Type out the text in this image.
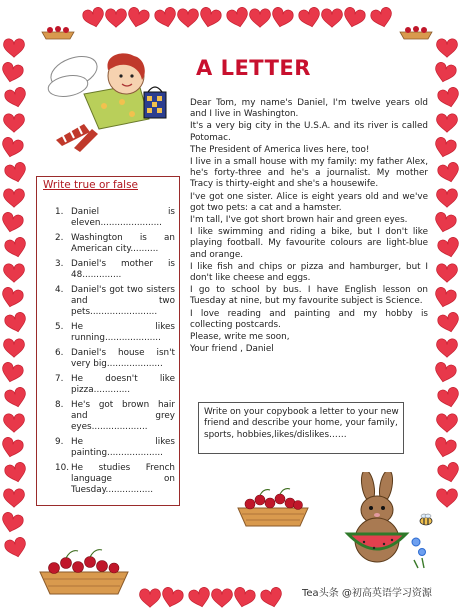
A LETTER

Dear Tom, my name's Daniel, I'm twelve years old and I live in Washington.

It's a very big city in the U.S.A. and its river is called Potomac.

The President of America lives here, too!

I live in a small house with my family: my father Alex, he's forty-three and he's a journalist. My mother Tracy is thirty-eight and she's a housewife.

I've got one sister. Alice is eight years old and we've got two pets: a cat and a hamster.

I'm tall, I've got short brown hair and green eyes.

I like swimming and riding a bike, but I don't like playing football. My favourite colours are light-blue and orange.

I like fish and chips or pizza and hamburger, but I don't like cheese and eggs.

I go to school by bus. I have English lesson on Tuesday at nine, but my favourite subject is Science.

I love reading and painting and my hobby is collecting postcards.

Please, write me soon,

Your friend , Daniel

Write true or false
1. Daniel is eleven......................
2. Washington is an American city..........
3. Daniel's mother is 48..............
4. Daniel's got two sisters and two pets........................
5. He likes running....................
6. Daniel's house isn't very big....................
7. He doesn't like pizza.............
8. He's got brown hair and grey eyes....................
9. He likes painting....................
10. He studies French language on Tuesday.................
Write on your copybook a letter to your new friend and describe your home, your family, sports, hobbies,likes/dislikes……
Tea头条 @初高英语学习资源
